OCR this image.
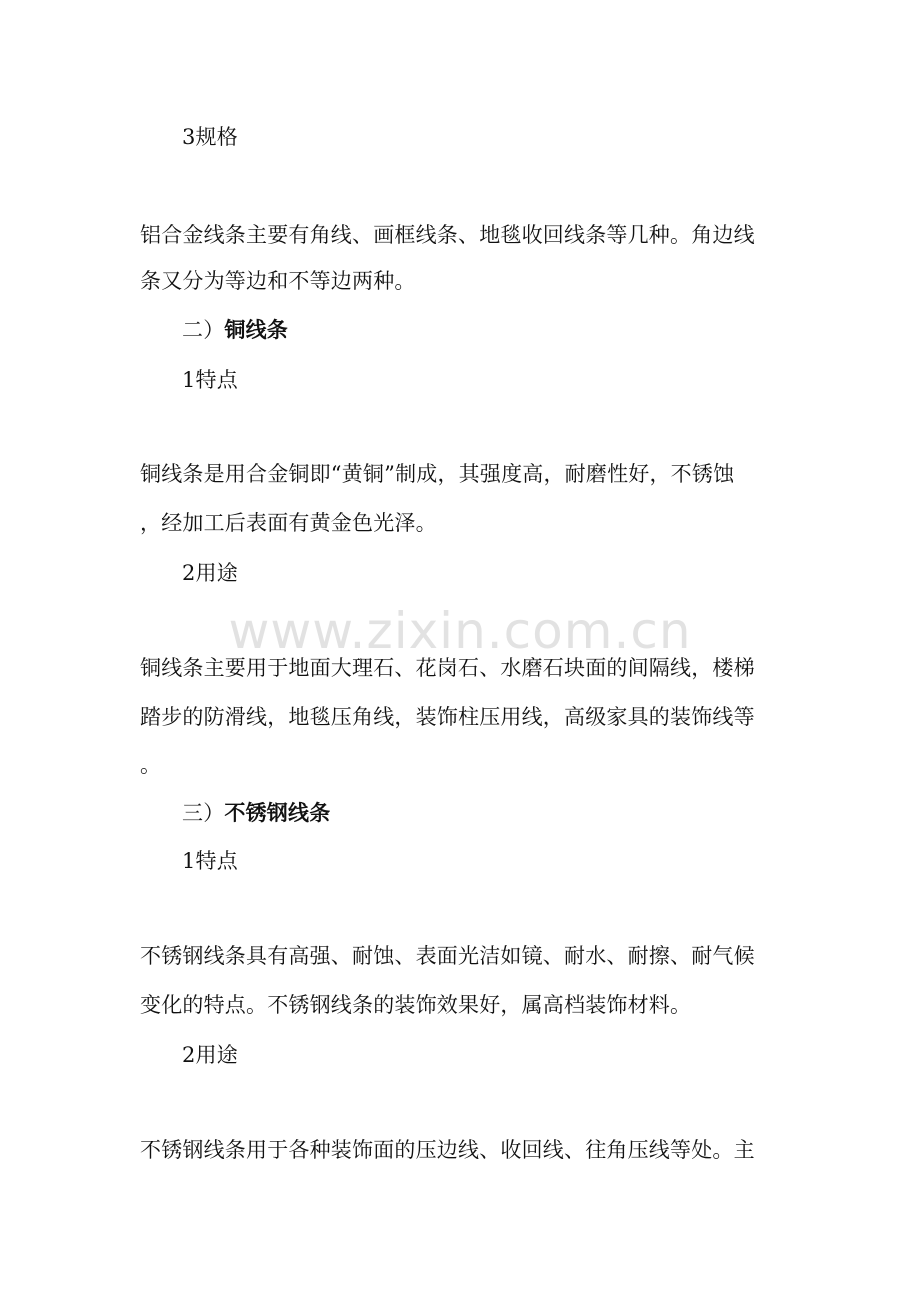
3规格
铝合金线条主要有角线、画框线条、地毯收回线条等几种。角边线
条又分为等边和不等边两种。
二）铜线条
1特点
铜线条是用合金铜即“黄铜”制成，其强度高，耐磨性好，不锈蚀
，经加工后表面有黄金色光泽。
2用途
铜线条主要用于地面大理石、花岗石、水磨石块面的间隔线，楼梯
踏步的防滑线，地毯压角线，装饰柱压用线，高级家具的装饰线等
。
三）不锈钢线条
1特点
不锈钢线条具有高强、耐蚀、表面光洁如镜、耐水、耐擦、耐气候
变化的特点。不锈钢线条的装饰效果好，属高档装饰材料。
2用途
不锈钢线条用于各种装饰面的压边线、收回线、往角压线等处。主
www.zixin.com.cn
